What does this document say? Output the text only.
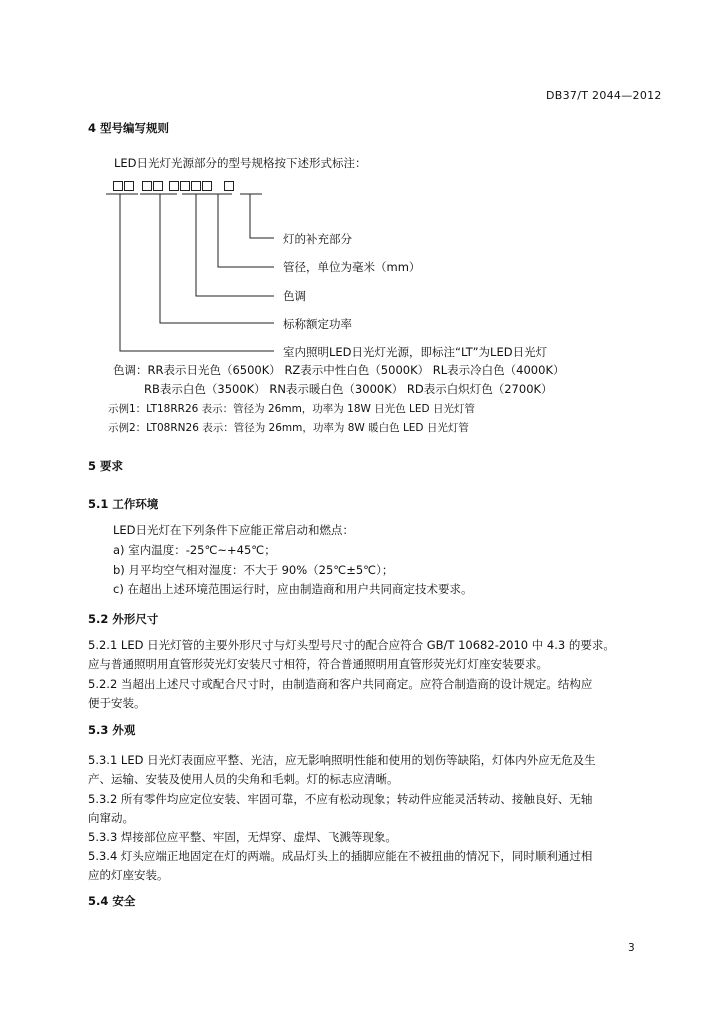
DB37/T 2044—2012
4 型号编写规则
LED日光灯光源部分的型号规格按下述形式标注：
灯的补充部分
管径，单位为毫米（mm）
色调
标称额定功率
室内照明LED日光灯光源，即标注“LT”为LED日光灯
色调：RR表示日光色（6500K） RZ表示中性白色（5000K） RL表示冷白色（4000K）
RB表示白色（3500K） RN表示暖白色（3000K） RD表示白炽灯色（2700K）
示例1：LT18RR26 表示：管径为 26mm，功率为 18W 日光色 LED 日光灯管
示例2：LT08RN26 表示：管径为 26mm，功率为 8W 暖白色 LED 日光灯管
5 要求
5.1 工作环境
LED日光灯在下列条件下应能正常启动和燃点：
a) 室内温度：-25℃~+45℃；
b) 月平均空气相对湿度：不大于 90%（25℃±5℃）；
c) 在超出上述环境范围运行时，应由制造商和用户共同商定技术要求。
5.2 外形尺寸
5.2.1 LED 日光灯管的主要外形尺寸与灯头型号尺寸的配合应符合 GB/T 10682-2010 中 4.3 的要求。
应与普通照明用直管形荧光灯安装尺寸相符，符合普通照明用直管形荧光灯灯座安装要求。
5.2.2 当超出上述尺寸或配合尺寸时，由制造商和客户共同商定。应符合制造商的设计规定。结构应
便于安装。
5.3 外观
5.3.1 LED 日光灯表面应平整、光洁，应无影响照明性能和使用的划伤等缺陷，灯体内外应无危及生
产、运输、安装及使用人员的尖角和毛刺。灯的标志应清晰。
5.3.2 所有零件均应定位安装、牢固可靠，不应有松动现象；转动件应能灵活转动、接触良好、无轴
向窜动。
5.3.3 焊接部位应平整、牢固，无焊穿、虚焊、飞溅等现象。
5.3.4 灯头应端正地固定在灯的两端。成品灯头上的插脚应能在不被扭曲的情况下，同时顺利通过相
应的灯座安装。
5.4 安全
3
